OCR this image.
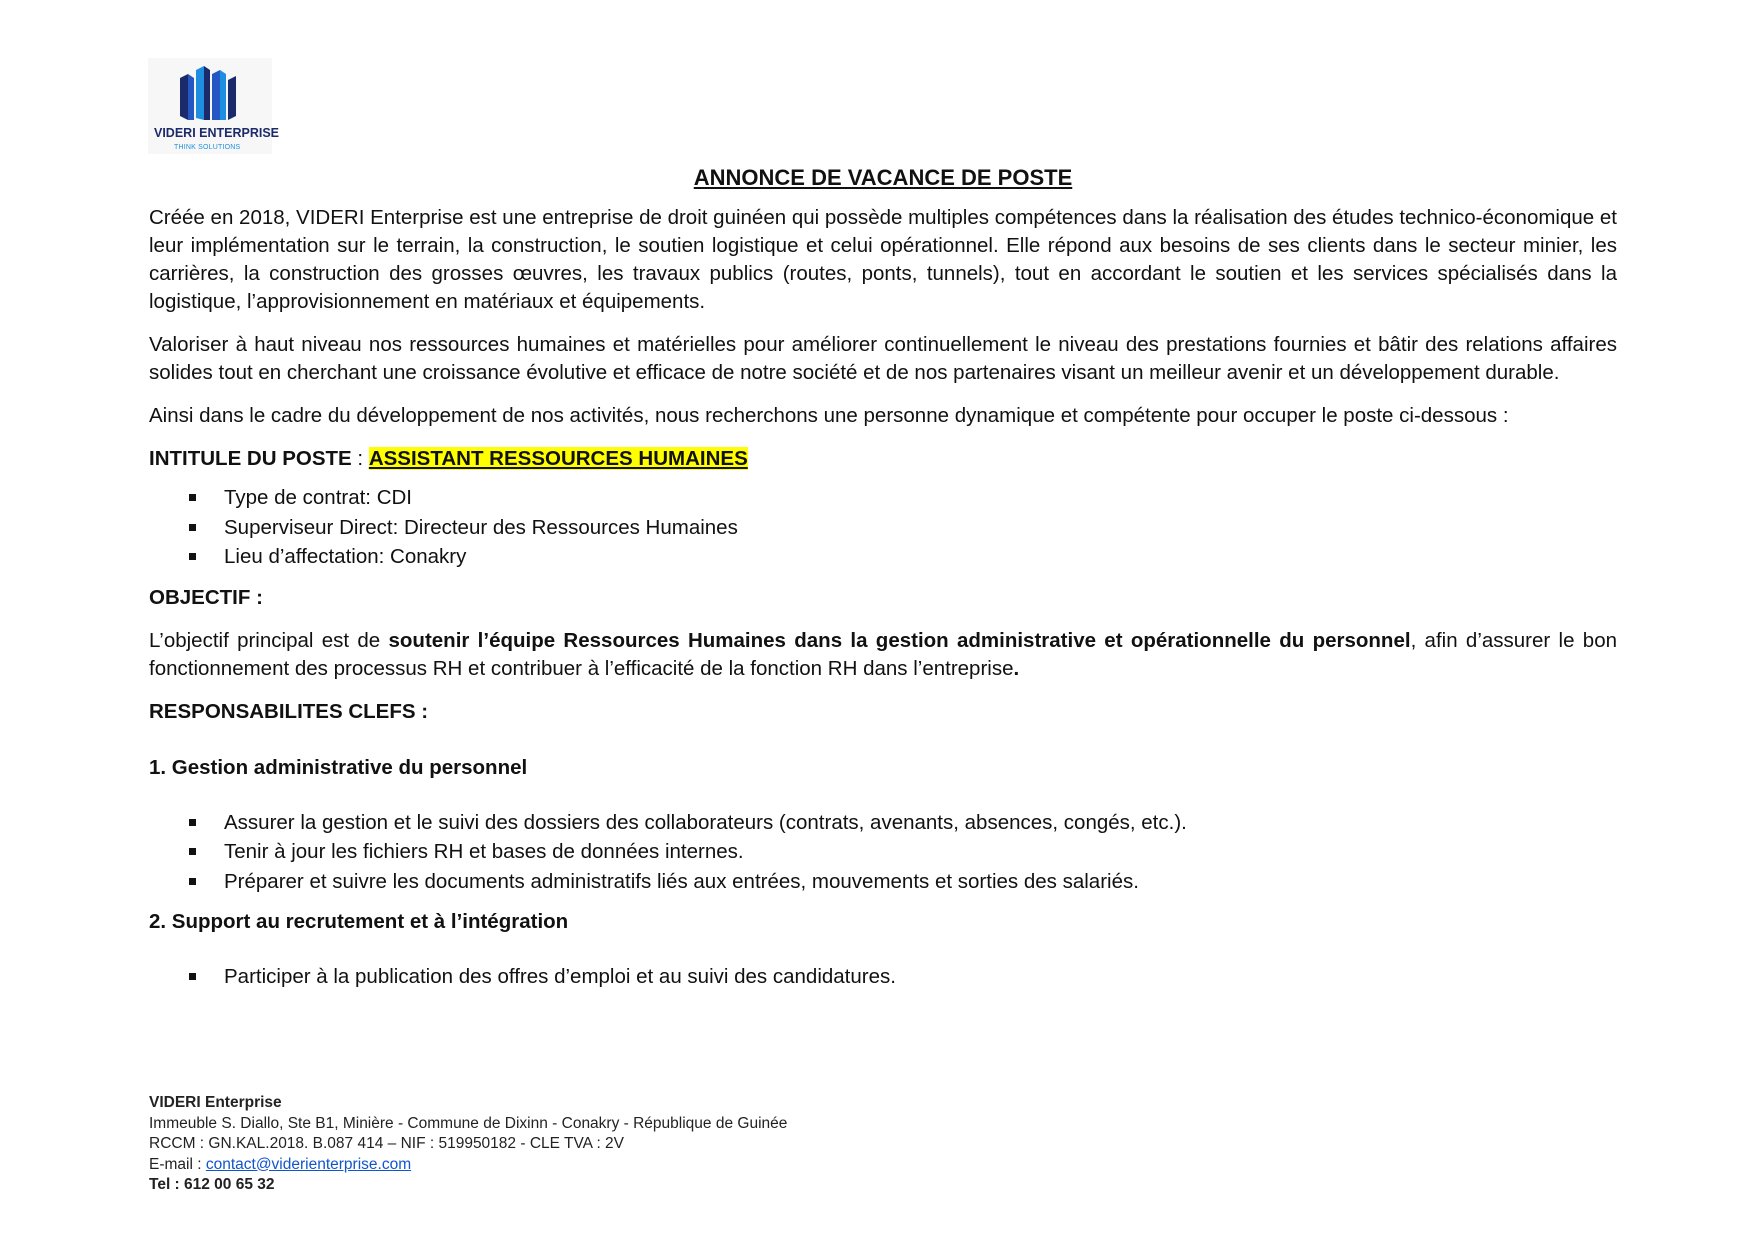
VIDERI ENTERPRISE
THINK SOLUTIONS
ANNONCE DE VACANCE DE POSTE

Créée en 2018, VIDERI Enterprise est une entreprise de droit guinéen qui possède multiples compétences dans la réalisation des études technico-économique et leur implémentation sur le terrain, la construction, le soutien logistique et celui opérationnel. Elle répond aux besoins de ses clients dans le secteur minier, les carrières, la construction des grosses œuvres, les travaux publics (routes, ponts, tunnels), tout en accordant le soutien et les services spécialisés dans la logistique, l’approvisionnement en matériaux et équipements.

Valoriser à haut niveau nos ressources humaines et matérielles pour améliorer continuellement le niveau des prestations fournies et bâtir des relations affaires solides tout en cherchant une croissance évolutive et efficace de notre société et de nos partenaires visant un meilleur avenir et un développement durable.

Ainsi dans le cadre du développement de nos activités, nous recherchons une personne dynamique et compétente pour occuper le poste ci-dessous :

INTITULE DU POSTE : ASSISTANT RESSOURCES HUMAINES
Type de contrat: CDI
Superviseur Direct: Directeur des Ressources Humaines
Lieu d’affectation: Conakry
OBJECTIF :

L’objectif principal est de soutenir l’équipe Ressources Humaines dans la gestion administrative et opérationnelle du personnel, afin d’assurer le bon fonctionnement des processus RH et contribuer à l’efficacité de la fonction RH dans l’entreprise.

RESPONSABILITES CLEFS :
1. Gestion administrative du personnel
Assurer la gestion et le suivi des dossiers des collaborateurs (contrats, avenants, absences, congés, etc.).
Tenir à jour les fichiers RH et bases de données internes.
Préparer et suivre les documents administratifs liés aux entrées, mouvements et sorties des salariés.
2. Support au recrutement et à l’intégration
Participer à la publication des offres d’emploi et au suivi des candidatures.
VIDERI Enterprise
Immeuble S. Diallo, Ste B1, Minière - Commune de Dixinn - Conakry - République de Guinée
RCCM : GN.KAL.2018. B.087 414 – NIF : 519950182 - CLE TVA : 2V
E-mail : contact@viderienterprise.com
Tel : 612 00 65 32
